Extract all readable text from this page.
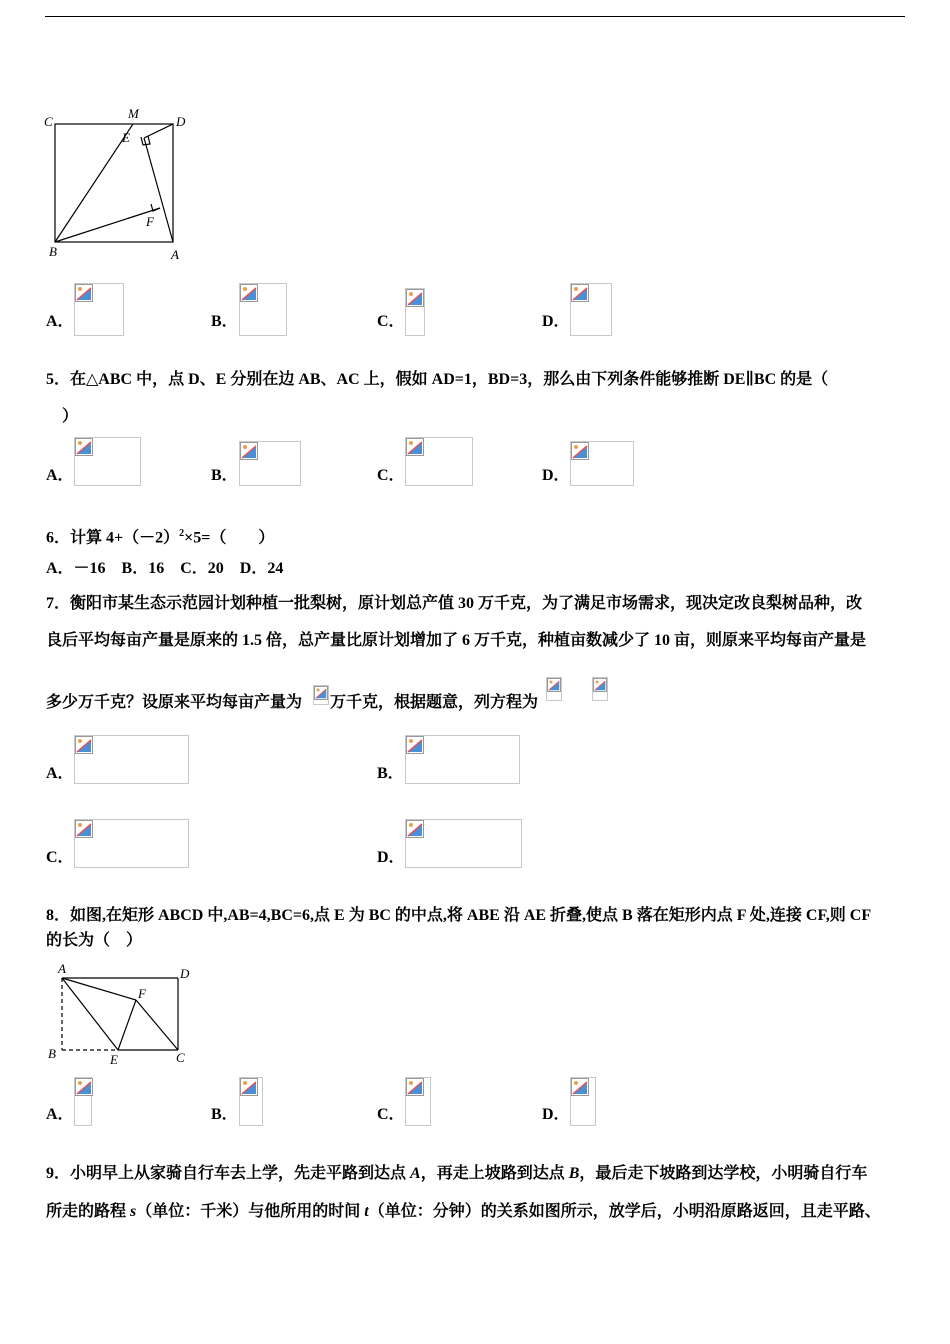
C
M
D
E
F
B	A
A．	B．	C．	D．
5．在△ABC 中，点 D、E 分别在边 AB、AC 上，假如 AD=1，BD=3，那么由下列条件能够推断 DE∥BC 的是（
）
A．	B．	C．	D．
6．计算 $4+(-2)^2\times 5=$（　　）
A．－16　B．16　C．20　D．24
7．衡阳市某生态示范园计划种植一批梨树，原计划总产值 30 万千克，为了满足市场需求，现决定改良梨树品种，改
良后平均每亩产量是原来的 1.5 倍，总产量比原计划增加了 6 万千克，种植亩数减少了 10 亩，则原来平均每亩产量是
多少万千克？设原来平均每亩产量为 万千克，根据题意，列方程为
A．	B．
C．	D．
8．如图,在矩形 ABCD 中,AB=4,BC=6,点 E 为 BC 的中点,将 ABE 沿 AE 折叠,使点 B 落在矩形内点 F 处,连接 CF,则 CF
的长为（　）
A	D
F
B	E	C
A．	B．	C．	D．
9．小明早上从家骑自行车去上学，先走平路到达点 A，再走上坡路到达点 B，最后走下坡路到达学校，小明骑自行车
所走的路程 s（单位：千米）与他所用的时间 t（单位：分钟）的关系如图所示，放学后，小明沿原路返回，且走平路、
